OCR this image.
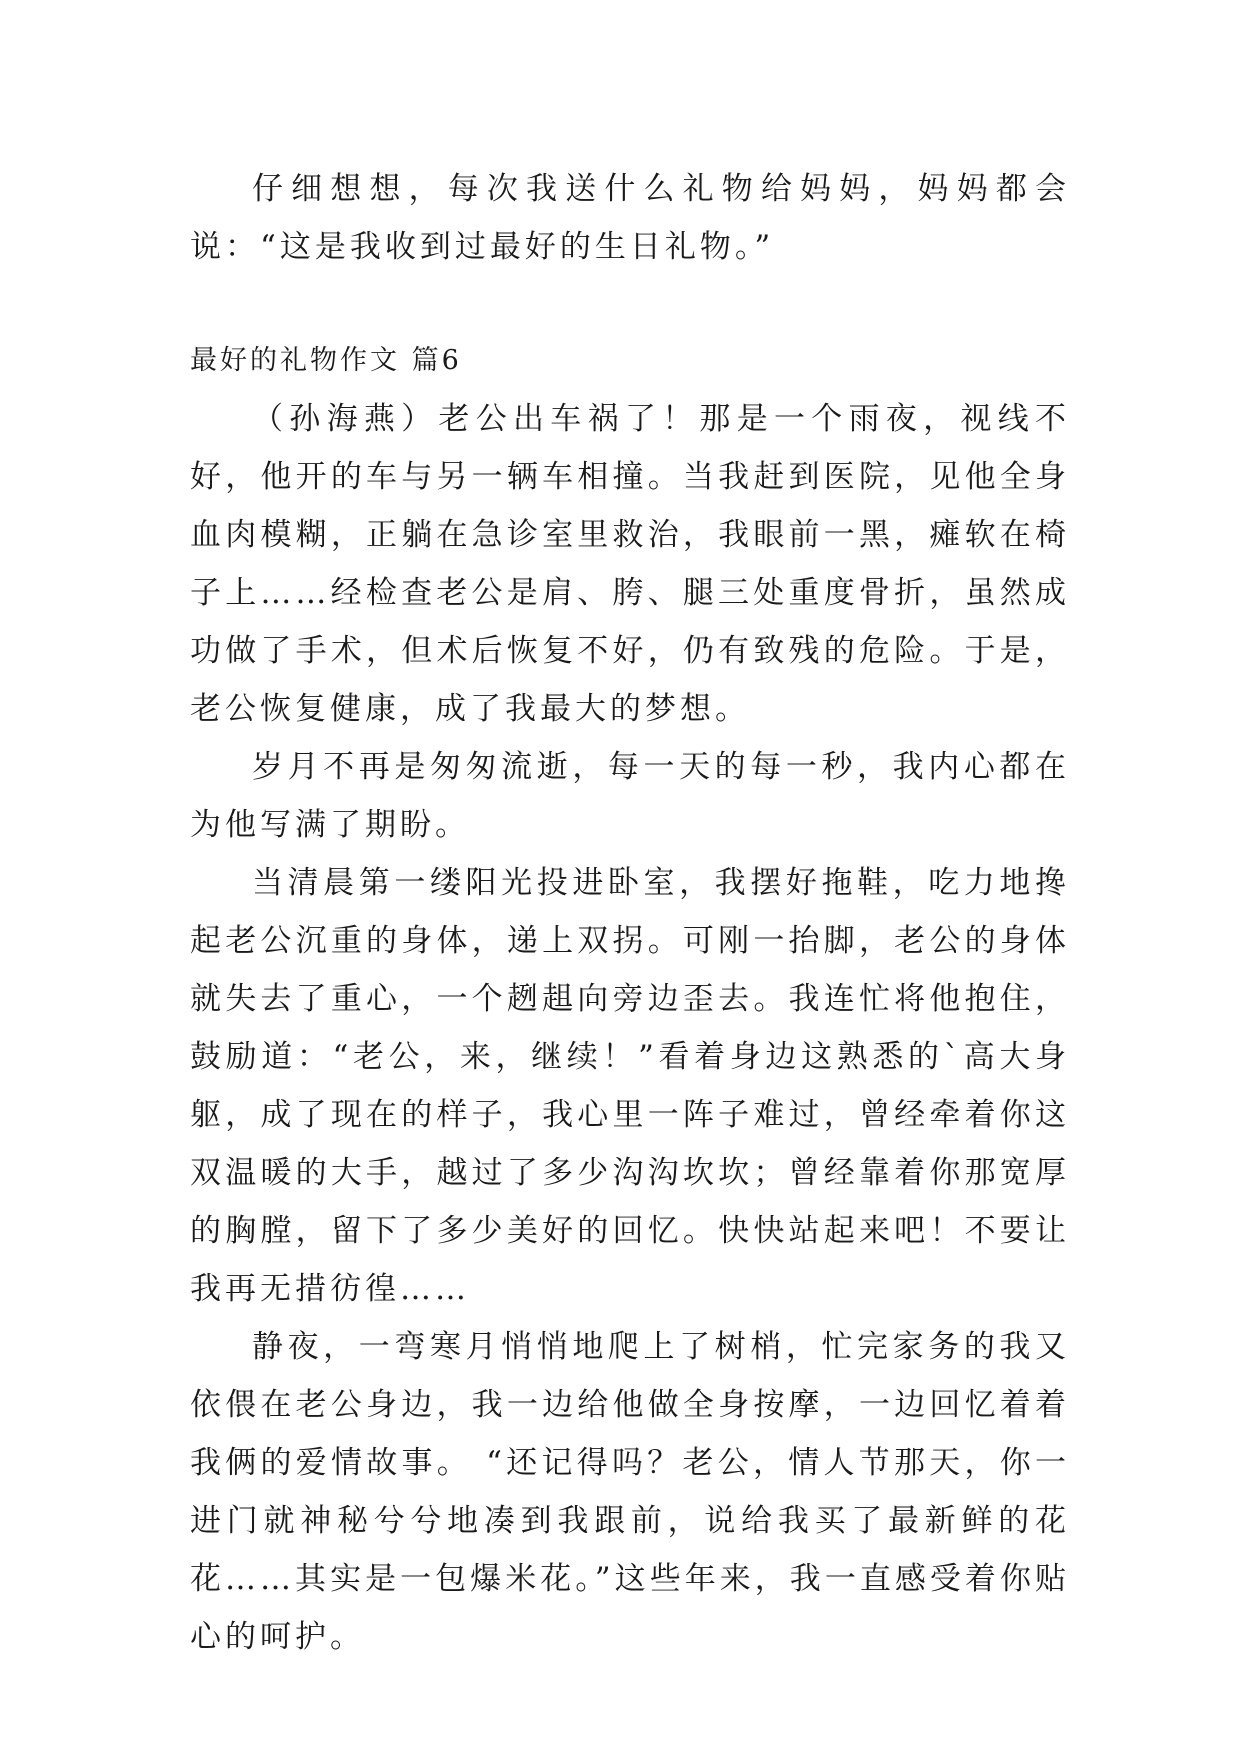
仔细想想，每次我送什么礼物给妈妈，妈妈都会说：“这是我收到过最好的生日礼物。”

最好的礼物作文 篇6

（孙海燕）老公出车祸了！那是一个雨夜，视线不好，他开的车与另一辆车相撞。当我赶到医院，见他全身血肉模糊，正躺在急诊室里救治，我眼前一黑，瘫软在椅子上……经检查老公是肩、胯、腿三处重度骨折，虽然成功做了手术，但术后恢复不好，仍有致残的危险。于是，老公恢复健康，成了我最大的梦想。

岁月不再是匆匆流逝，每一天的每一秒，我内心都在为他写满了期盼。

当清晨第一缕阳光投进卧室，我摆好拖鞋，吃力地搀起老公沉重的身体，递上双拐。可刚一抬脚，老公的身体就失去了重心，一个趔趄向旁边歪去。我连忙将他抱住，鼓励道：“老公，来，继续！”看着身边这熟悉的`高大身躯，成了现在的样子，我心里一阵子难过，曾经牵着你这双温暖的大手，越过了多少沟沟坎坎；曾经靠着你那宽厚的胸膛，留下了多少美好的回忆。快快站起来吧！不要让我再无措彷徨……

静夜，一弯寒月悄悄地爬上了树梢，忙完家务的我又依偎在老公身边，我一边给他做全身按摩，一边回忆着着我俩的爱情故事。 “还记得吗？老公，情人节那天，你一进门就神秘兮兮地凑到我跟前，说给我买了最新鲜的花花……其实是一包爆米花。”这些年来，我一直感受着你贴心的呵护。
